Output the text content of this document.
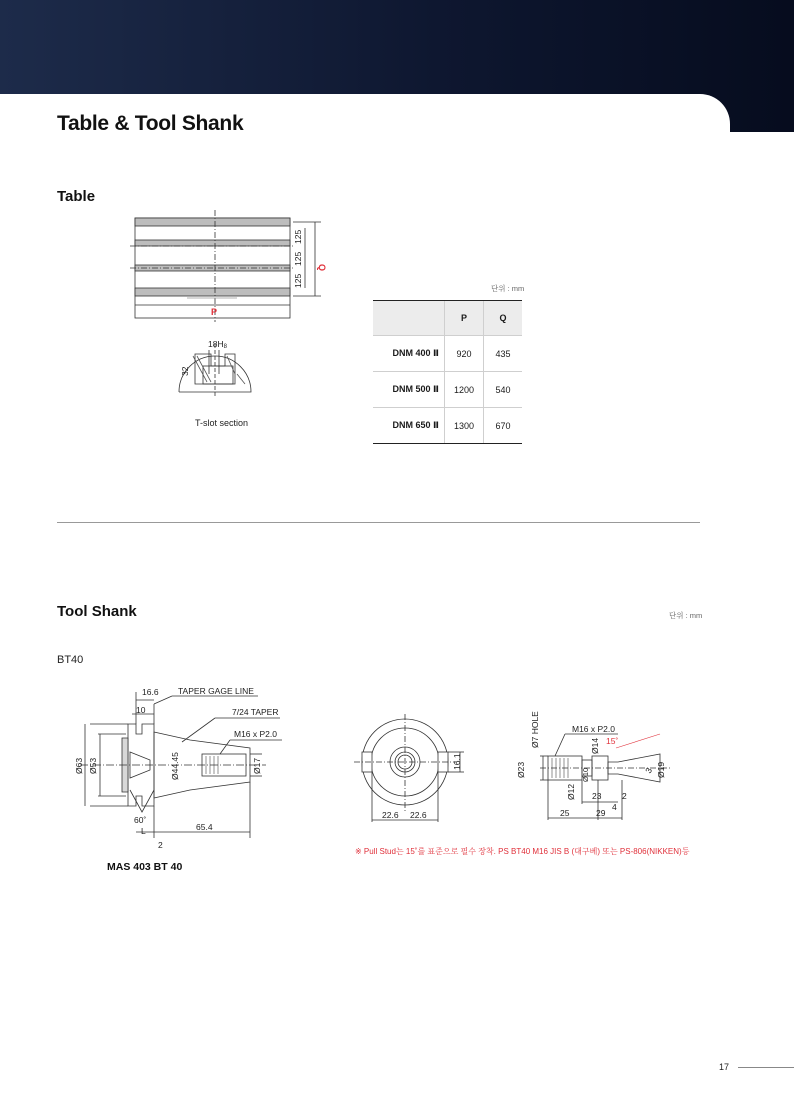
Table & Tool Shank
Table
125
125
125
Q
P
18H8
32
T-slot section
단위 : mm
	P	Q
DNM 400 Ⅱ	920	435
DNM 500 Ⅱ	1200	540
DNM 650 Ⅱ	1300	670
Tool Shank	단위 : mm
BT40
16.6 TAPER GAGE LINE
10	7/24 TAPER
M16 x P2.0
Ø63 Ø53	Ø44.45	Ø17
60˚
L	65.4
2
MAS 403 BT 40
16.1
22.6 22.6
Ø7 HOLE	M16 x P2.0
15˚
Ø23
Ø14
Ø10
Ø12
Ø19
3
23 2
4
25	29
※ Pull Stud는 15˚를 표준으로 필수 장착. PS BT40 M16 JIS B (대구베) 또는 PS-806(NIKKEN)등
17
